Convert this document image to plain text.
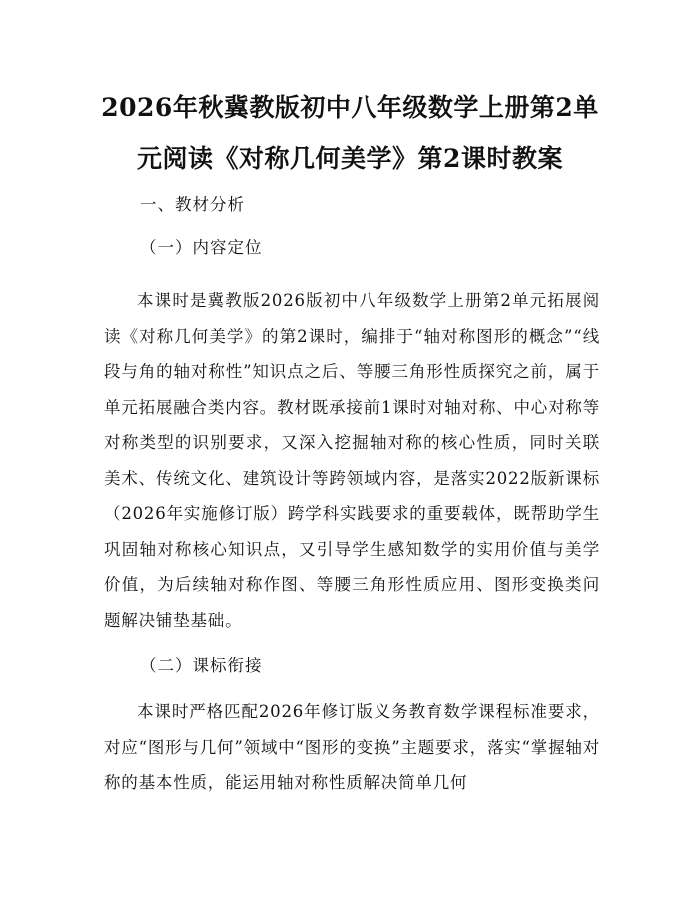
2026年秋冀教版初中八年级数学上册第2单元阅读《对称几何美学》第2课时教案

一、教材分析

（一）内容定位

本课时是冀教版2026版初中八年级数学上册第2单元拓展阅读《对称几何美学》的第2课时，编排于“轴对称图形的概念”“线段与角的轴对称性”知识点之后、等腰三角形性质探究之前，属于单元拓展融合类内容。教材既承接前1课时对轴对称、中心对称等对称类型的识别要求，又深入挖掘轴对称的核心性质，同时关联美术、传统文化、建筑设计等跨领域内容，是落实2022版新课标（2026年实施修订版）跨学科实践要求的重要载体，既帮助学生巩固轴对称核心知识点，又引导学生感知数学的实用价值与美学价值，为后续轴对称作图、等腰三角形性质应用、图形变换类问题解决铺垫基础。

（二）课标衔接

本课时严格匹配2026年修订版义务教育数学课程标准要求，对应“图形与几何”领域中“图形的变换”主题要求，落实“掌握轴对称的基本性质，能运用轴对称性质解决简单几何
